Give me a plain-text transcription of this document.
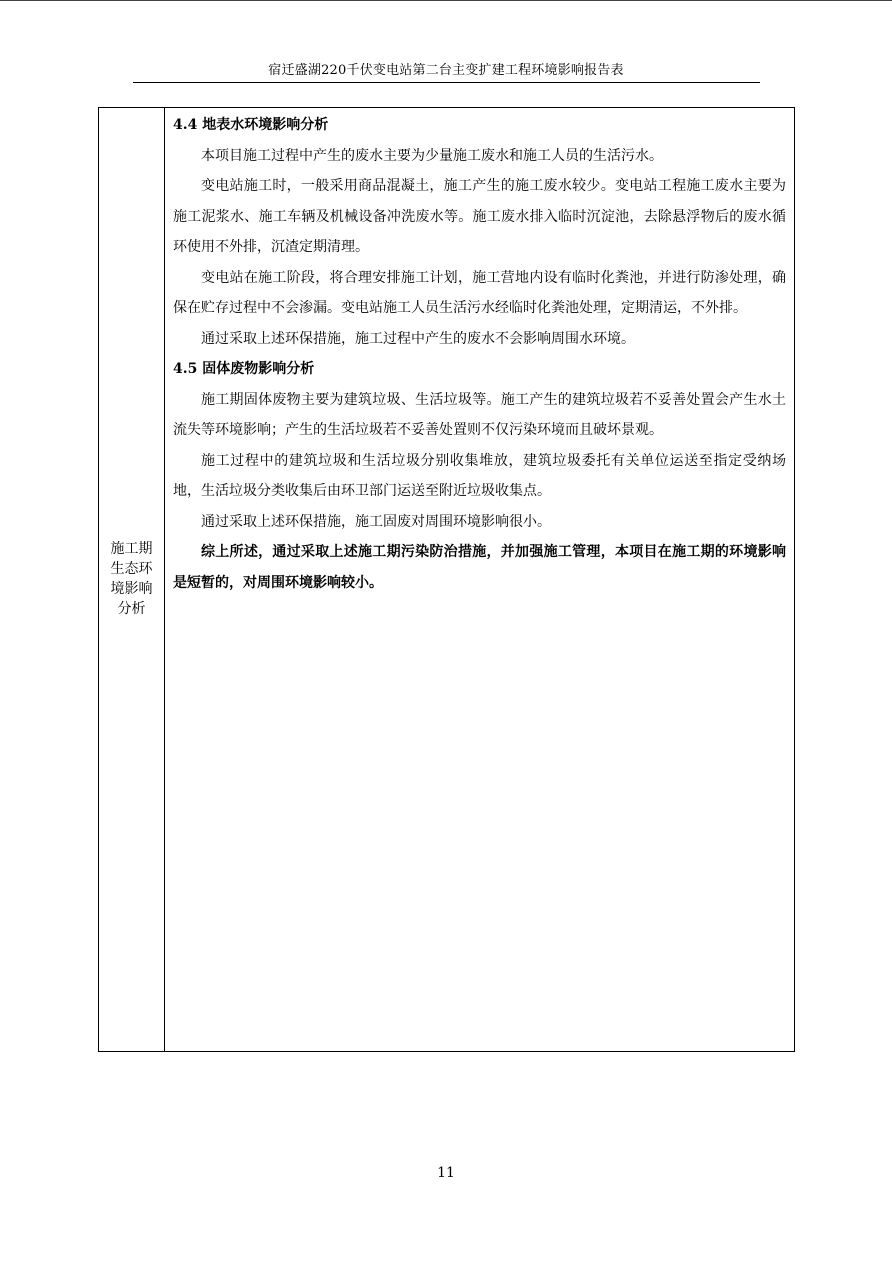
宿迁盛湖220千伏变电站第二台主变扩建工程环境影响报告表
施工期生态环境影响分析

4.4 地表水环境影响分析

本项目施工过程中产生的废水主要为少量施工废水和施工人员的生活污水。

变电站施工时，一般采用商品混凝土，施工产生的施工废水较少。变电站工程施工废水主要为施工泥浆水、施工车辆及机械设备冲洗废水等。施工废水排入临时沉淀池，去除悬浮物后的废水循环使用不外排，沉渣定期清理。

变电站在施工阶段，将合理安排施工计划，施工营地内设有临时化粪池，并进行防渗处理，确保在贮存过程中不会渗漏。变电站施工人员生活污水经临时化粪池处理，定期清运，不外排。

通过采取上述环保措施，施工过程中产生的废水不会影响周围水环境。

4.5 固体废物影响分析

施工期固体废物主要为建筑垃圾、生活垃圾等。施工产生的建筑垃圾若不妥善处置会产生水土流失等环境影响；产生的生活垃圾若不妥善处置则不仅污染环境而且破坏景观。

施工过程中的建筑垃圾和生活垃圾分别收集堆放，建筑垃圾委托有关单位运送至指定受纳场地，生活垃圾分类收集后由环卫部门运送至附近垃圾收集点。

通过采取上述环保措施，施工固废对周围环境影响很小。

综上所述，通过采取上述施工期污染防治措施，并加强施工管理，本项目在施工期的环境影响是短暂的，对周围环境影响较小。

11
